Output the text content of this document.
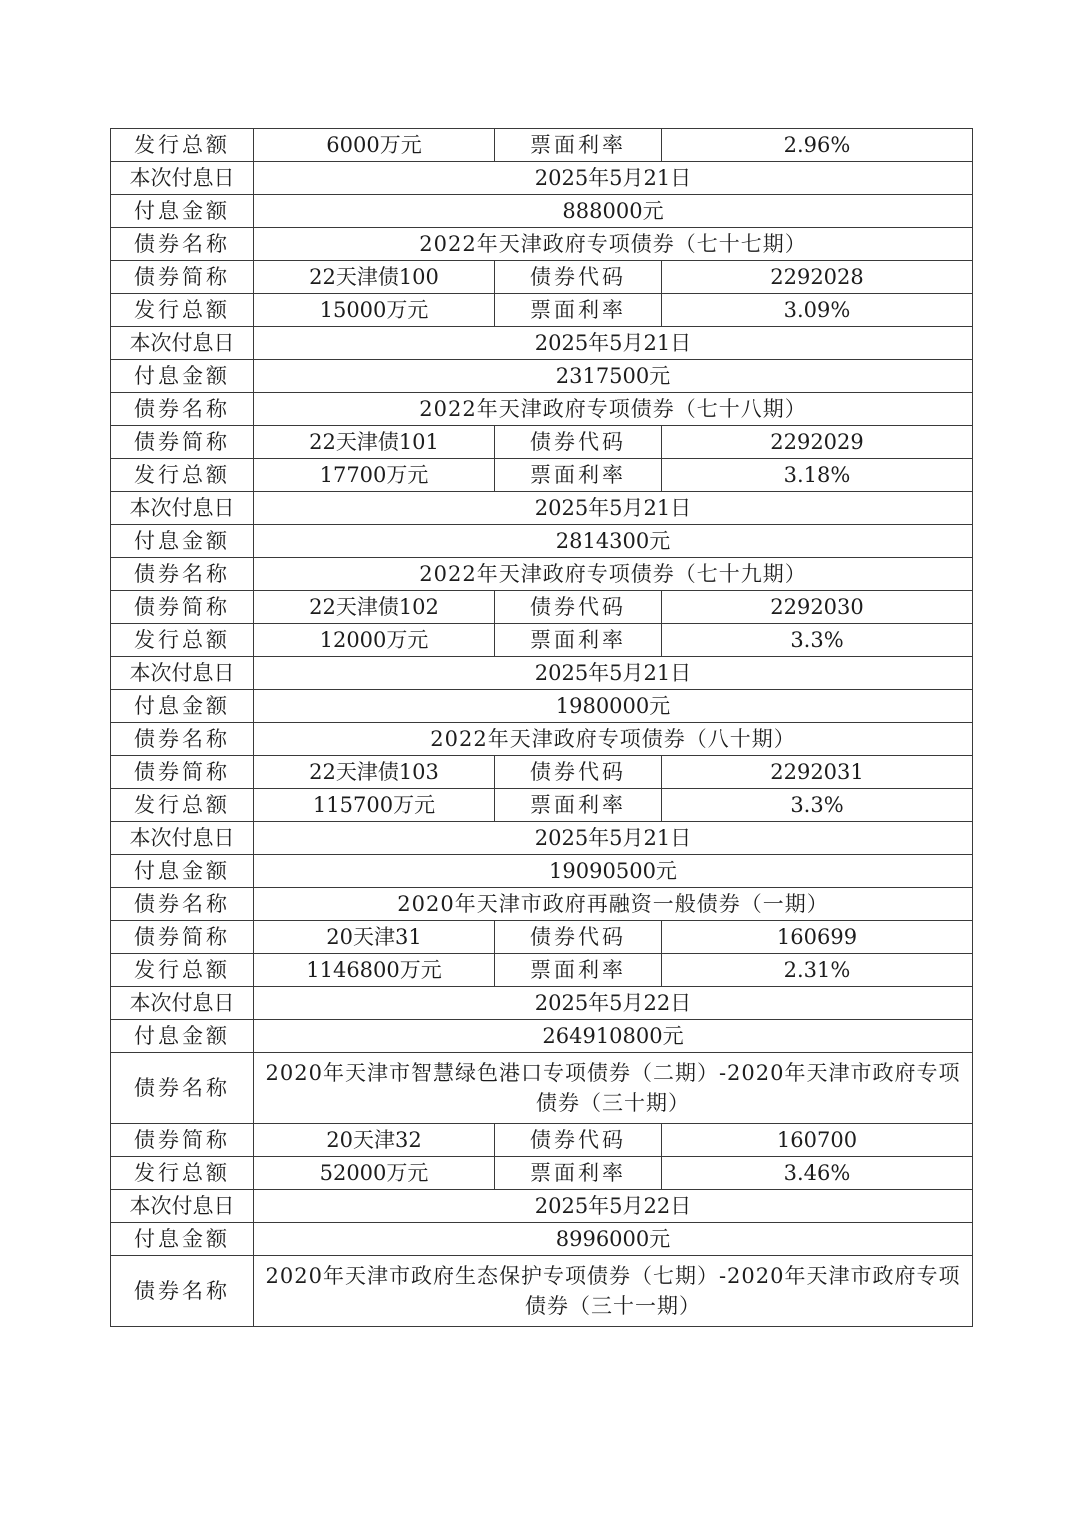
发行总额	6000万元	票面利率	2.96%
本次付息日	2025年5月21日		
付息金额	888000元		
债券名称	2022年天津政府专项债券（七十七期）		
债券简称	22天津债100	债券代码	2292028
发行总额	15000万元	票面利率	3.09%
本次付息日	2025年5月21日		
付息金额	2317500元		
债券名称	2022年天津政府专项债券（七十八期）		
债券简称	22天津债101	债券代码	2292029
发行总额	17700万元	票面利率	3.18%
本次付息日	2025年5月21日		
付息金额	2814300元		
债券名称	2022年天津政府专项债券（七十九期）		
债券简称	22天津债102	债券代码	2292030
发行总额	12000万元	票面利率	3.3%
本次付息日	2025年5月21日		
付息金额	1980000元		
债券名称	2022年天津政府专项债券（八十期）		
债券简称	22天津债103	债券代码	2292031
发行总额	115700万元	票面利率	3.3%
本次付息日	2025年5月21日		
付息金额	19090500元		
债券名称	2020年天津市政府再融资一般债券（一期）		
债券简称	20天津31	债券代码	160699
发行总额	1146800万元	票面利率	2.31%
本次付息日	2025年5月22日		
付息金额	264910800元		
债券名称	2020年天津市智慧绿色港口专项债券（二期）-2020年天津市政府专项债券（三十期）		
债券简称	20天津32	债券代码	160700
发行总额	52000万元	票面利率	3.46%
本次付息日	2025年5月22日		
付息金额	8996000元		
债券名称	2020年天津市政府生态保护专项债券（七期）-2020年天津市政府专项债券（三十一期）		
